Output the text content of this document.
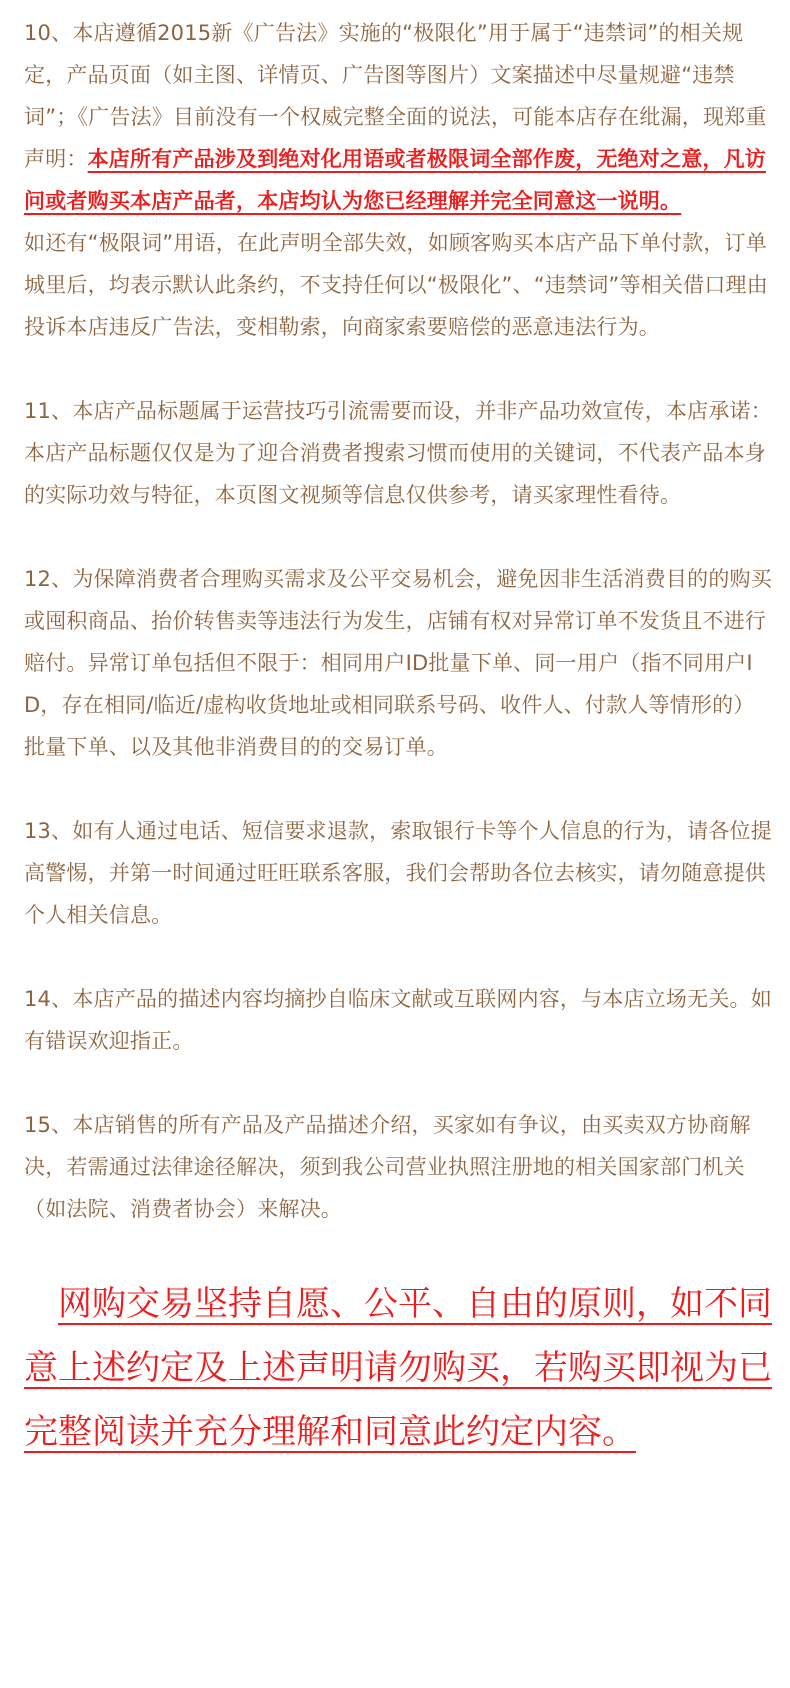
10、本店遵循2015新《广告法》实施的“极限化”用于属于“违禁词”的相关规定，产品页面（如主图、详情页、广告图等图片）文案描述中尽量规避“违禁词”；《广告法》目前没有一个权威完整全面的说法，可能本店存在纰漏，现郑重声明：本店所有产品涉及到绝对化用语或者极限词全部作废，无绝对之意，凡访问或者购买本店产品者，本店均认为您已经理解并完全同意这一说明。
如还有“极限词”用语，在此声明全部失效，如顾客购买本店产品下单付款，订单城里后，均表示默认此条约，不支持任何以“极限化”、“违禁词”等相关借口理由投诉本店违反广告法，变相勒索，向商家索要赔偿的恶意违法行为。
11、本店产品标题属于运营技巧引流需要而设，并非产品功效宣传，本店承诺：本店产品标题仅仅是为了迎合消费者搜索习惯而使用的关键词，不代表产品本身的实际功效与特征，本页图文视频等信息仅供参考，请买家理性看待。
12、为保障消费者合理购买需求及公平交易机会，避免因非生活消费目的的购买或囤积商品、抬价转售卖等违法行为发生，店铺有权对异常订单不发货且不进行赔付。异常订单包括但不限于：相同用户ID批量下单、同一用户（指不同用户ID，存在相同/临近/虚构收货地址或相同联系号码、收件人、付款人等情形的）批量下单、以及其他非消费目的的交易订单。
13、如有人通过电话、短信要求退款，索取银行卡等个人信息的行为，请各位提高警惕，并第一时间通过旺旺联系客服，我们会帮助各位去核实，请勿随意提供个人相关信息。
14、本店产品的描述内容均摘抄自临床文献或互联网内容，与本店立场无关。如有错误欢迎指正。
15、本店销售的所有产品及产品描述介绍，买家如有争议，由买卖双方协商解决，若需通过法律途径解决，须到我公司营业执照注册地的相关国家部门机关（如法院、消费者协会）来解决。
网购交易坚持自愿、公平、自由的原则，如不同意上述约定及上述声明请勿购买，若购买即视为已完整阅读并充分理解和同意此约定内容。
